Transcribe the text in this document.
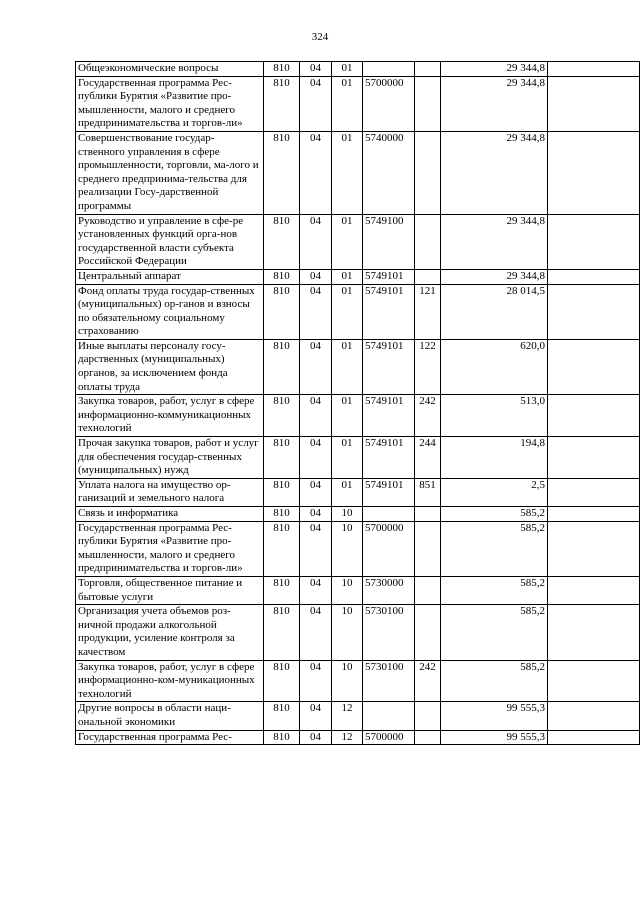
324
Общеэкономические вопросы	810	04	01			29 344,8	
Государственная программа Рес-публики Бурятия «Развитие про-мышленности, малого и среднего предпринимательства и торгов-ли»	810	04	01	5700000		29 344,8	
Совершенствование государ-ственного управления в сфере промышленности, торговли, ма-лого и среднего предпринима-тельства для реализации Госу-дарственной программы	810	04	01	5740000		29 344,8	
Руководство и управление в сфе-ре установленных функций орга-нов государственной власти субъекта Российской Федерации	810	04	01	5749100		29 344,8	
Центральный аппарат	810	04	01	5749101		29 344,8	
Фонд оплаты труда государ-ственных (муниципальных) ор-ганов и взносы по обязательному социальному страхованию	810	04	01	5749101	121	28 014,5	
Иные выплаты персоналу госу-дарственных (муниципальных) органов, за исключением фонда оплаты труда	810	04	01	5749101	122	620,0	
Закупка товаров, работ, услуг в сфере информационно-коммуникационных технологий	810	04	01	5749101	242	513,0	
Прочая закупка товаров, работ и услуг для обеспечения государ-ственных (муниципальных) нужд	810	04	01	5749101	244	194,8	
Уплата налога на имущество ор-ганизаций и земельного налога	810	04	01	5749101	851	2,5	
Связь и информатика	810	04	10			585,2	
Государственная программа Рес-публики Бурятия «Развитие про-мышленности, малого и среднего предпринимательства и торгов-ли»	810	04	10	5700000		585,2	
Торговля, общественное питание и бытовые услуги	810	04	10	5730000		585,2	
Организация учета объемов роз-ничной продажи алкогольной продукции, усиление контроля за качеством	810	04	10	5730100		585,2	
Закупка товаров, работ, услуг в сфере информационно-ком-муникационных технологий	810	04	10	5730100	242	585,2	
Другие вопросы в области наци-ональной экономики	810	04	12			99 555,3	
Государственная программа Рес-	810	04	12	5700000		99 555,3	
